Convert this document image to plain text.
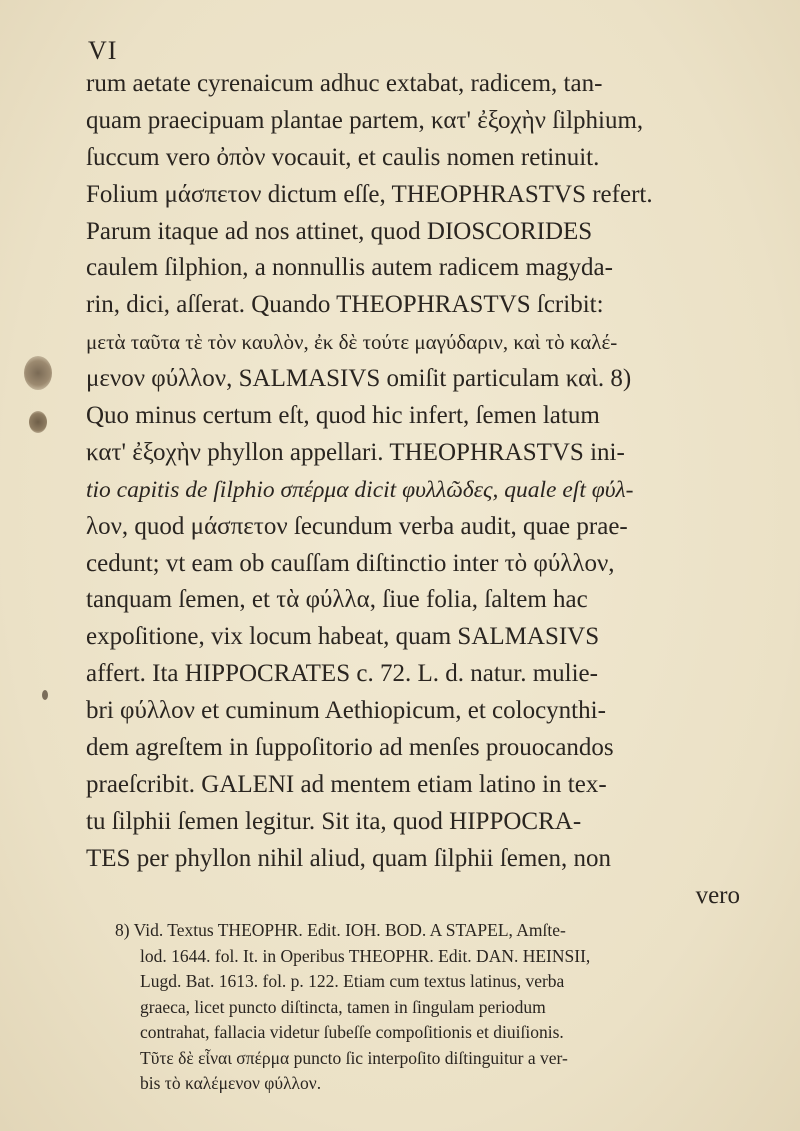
VI
rum aetate cyrenaicum adhuc extabat, radicem, tan-
quam praecipuam plantae partem, κατ' ἐξοχὴν ſilphium,
ſuccum vero ὀπὸν vocauit, et caulis nomen retinuit.
Folium μάσπετον dictum eſſe, THEOPHRASTVS refert.
Parum itaque ad nos attinet, quod DIOSCORIDES
caulem ſilphion, a nonnullis autem radicem magyda-
rin, dici, aſſerat. Quando THEOPHRASTVS ſcribit:
μετὰ ταῦτα τὲ τὸν καυλὸν, ἐκ δὲ τούτε μαγύδαριν, καὶ τὸ καλέ-
μενον φύλλον, SALMASIVS omiſit particulam καὶ. 8)
Quo minus certum eſt, quod hic infert, ſemen latum
κατ' ἐξοχὴν phyllon appellari. THEOPHRASTVS ini-
tio capitis de ſilphio σπέρμα dicit φυλλῶδες, quale eſt φύλ-
λον, quod μάσπετον ſecundum verba audit, quae prae-
cedunt; vt eam ob cauſſam diſtinctio inter τὸ φύλλον,
tanquam ſemen, et τὰ φύλλα, ſiue folia, ſaltem hac
expoſitione, vix locum habeat, quam SALMASIVS
affert. Ita HIPPOCRATES c. 72. L. d. natur. mulie-
bri φύλλον et cuminum Aethiopicum, et colocynthi-
dem agreſtem in ſuppoſitorio ad menſes prouocandos
praeſcribit. GALENI ad mentem etiam latino in tex-
tu ſilphii ſemen legitur. Sit ita, quod HIPPOCRA-
TES per phyllon nihil aliud, quam ſilphii ſemen, non
vero
8) Vid. Textus THEOPHR. Edit. IOH. BOD. A STAPEL, Amſte-
lod. 1644. fol. It. in Operibus THEOPHR. Edit. DAN. HEINSII,
Lugd. Bat. 1613. fol. p. 122. Etiam cum textus latinus, verba
graeca, licet puncto diſtincta, tamen in ſingulam periodum
contrahat, fallacia videtur ſubeſſe compoſitionis et diuiſionis.
Τῦτε δὲ εἶναι σπέρμα puncto ſic interpoſito diſtinguitur a ver-
bis τὸ καλέμενον φύλλον.
